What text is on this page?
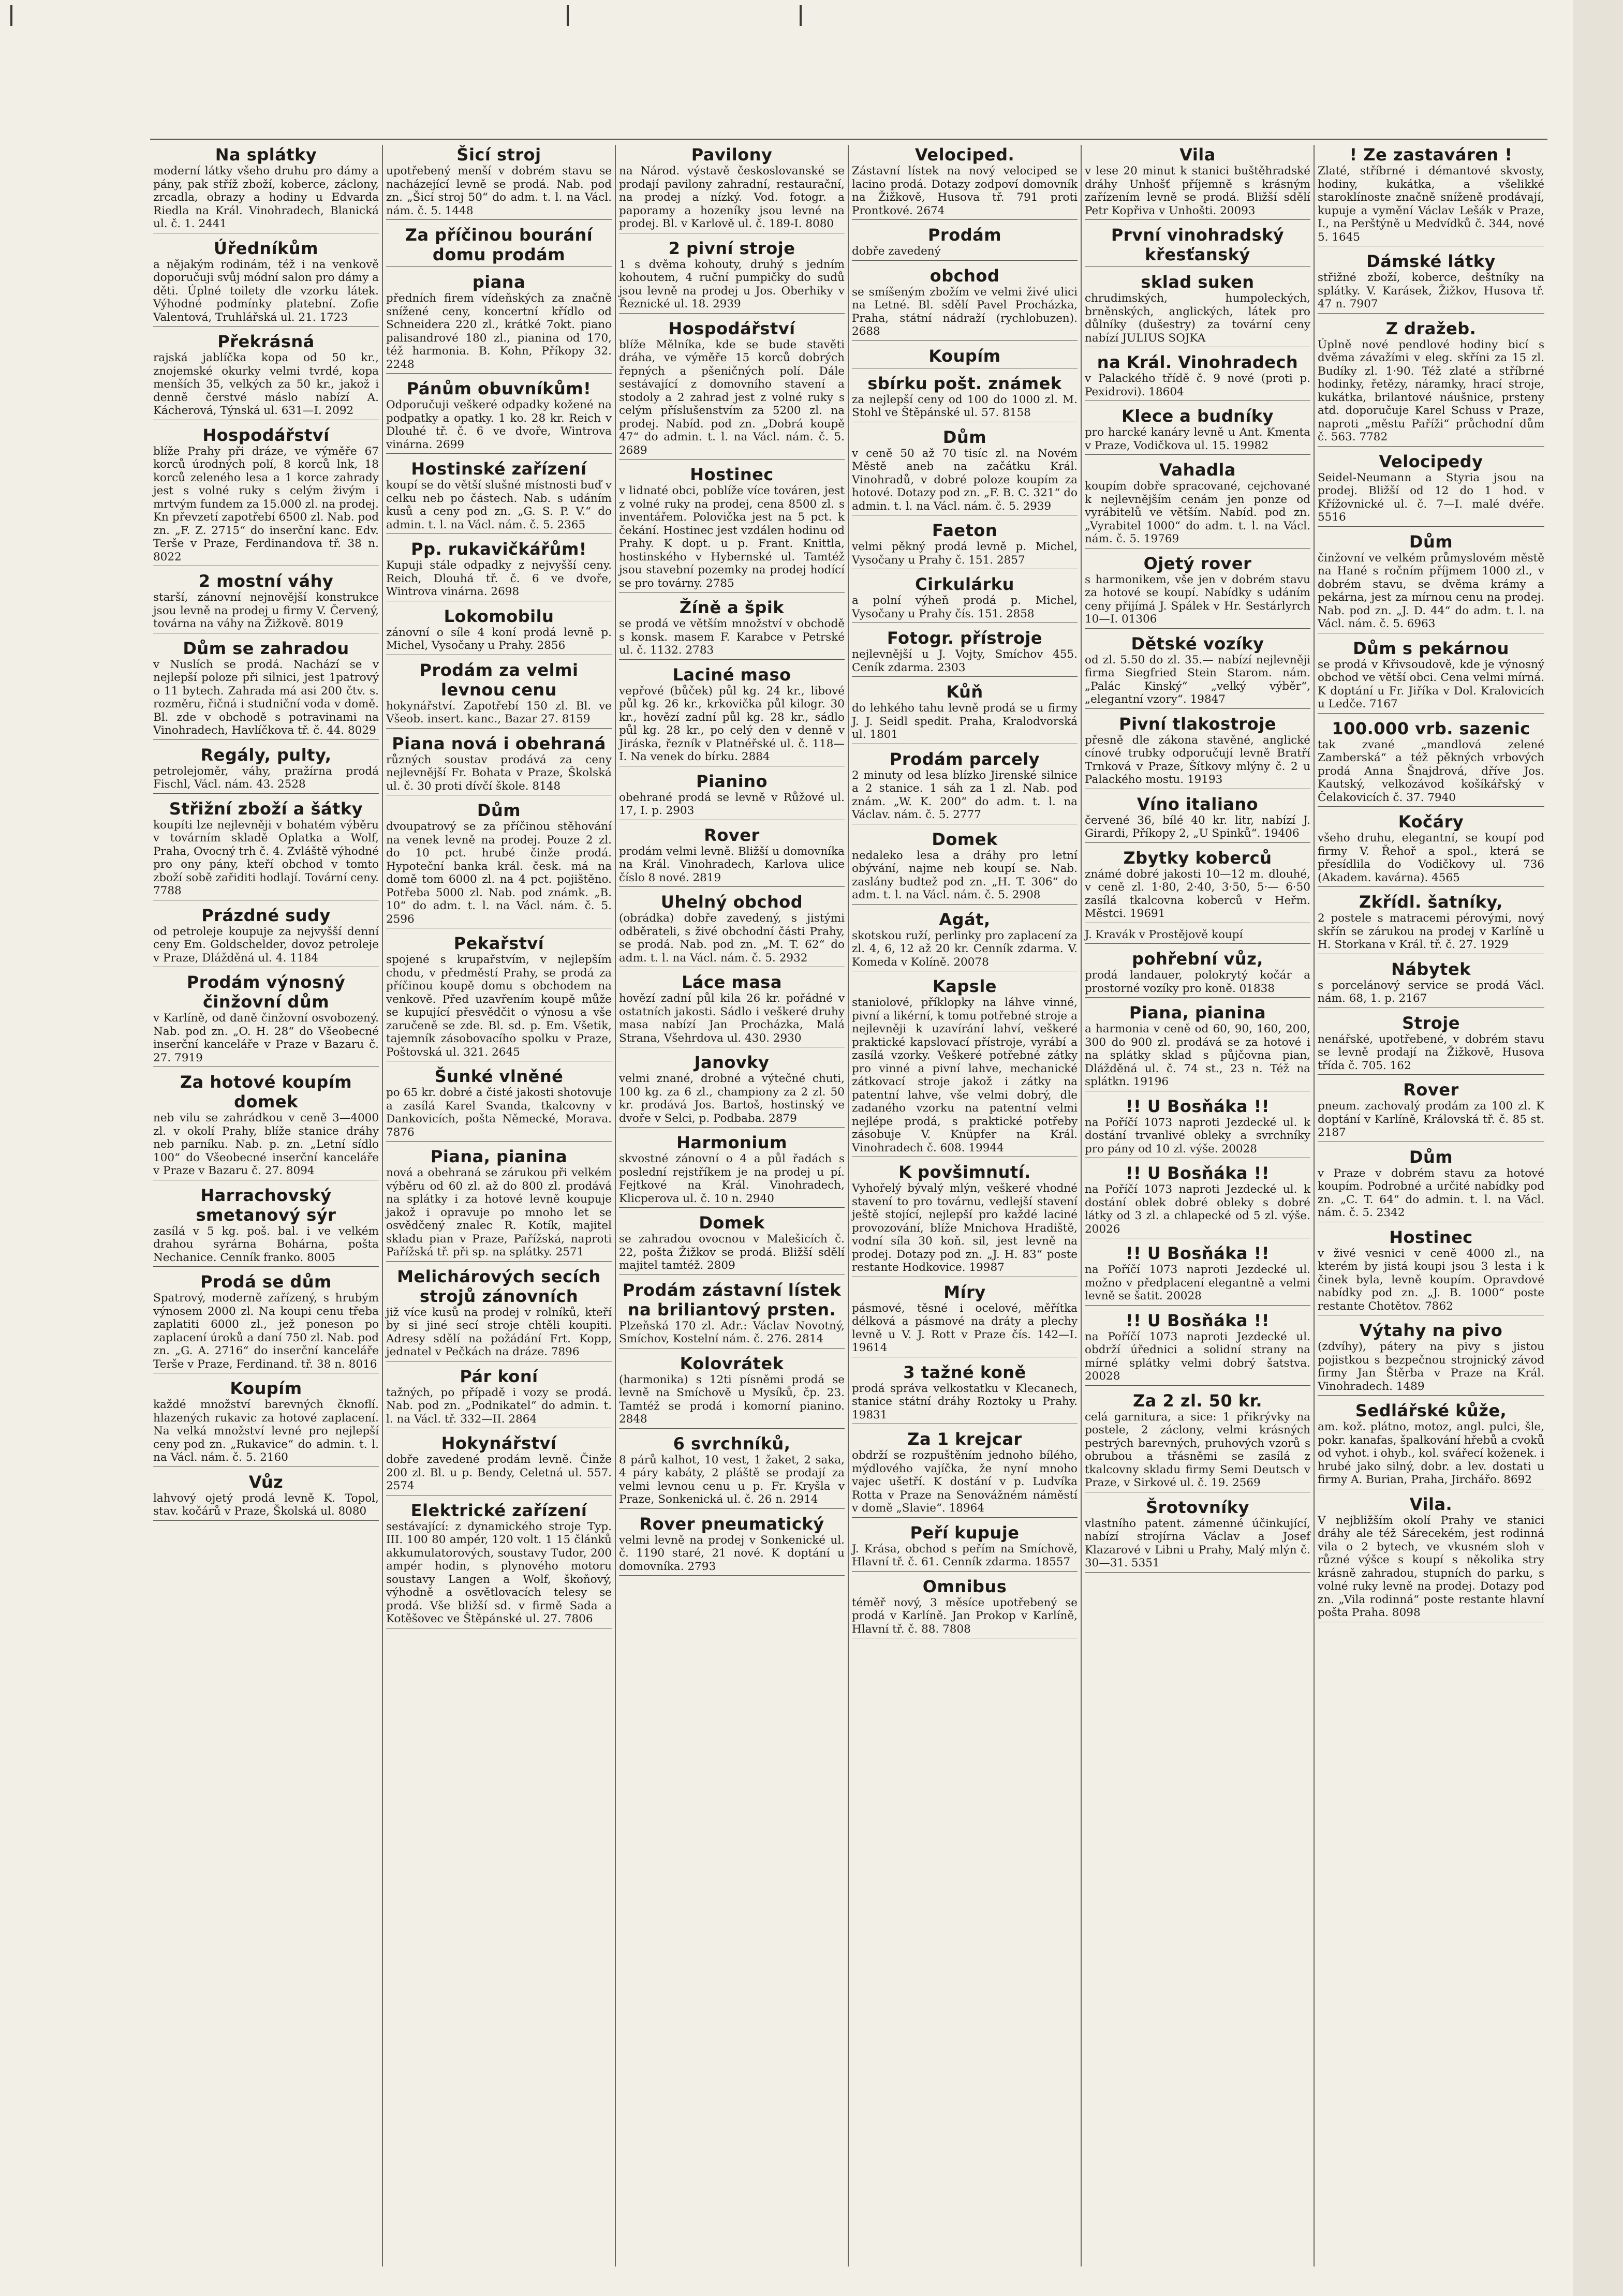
Na splátky
moderní látky všeho druhu pro dámy a pány, pak stříž zboží, koberce, záclony, zrcadla, obrazy a hodiny u Edvarda Riedla na Král. Vinohradech, Blanická ul. č. 1. 2441
Úředníkům
a nějakým rodinám, též i na venkově doporučuji svůj módní salon pro dámy a děti. Úplné toilety dle vzorku látek. Výhodné podmínky platební. Zofie Valentová, Truhlářská ul. 21. 1723
Překrásná
rajská jablíčka kopa od 50 kr., znojemské okurky velmi tvrdé, kopa menších 35, velkých za 50 kr., jakož i denně čerstvé máslo nabízí A. Kácherová, Týnská ul. 631—I. 2092
Hospodářství
blíže Prahy při dráze, ve výměře 67 korců úrodných polí, 8 korců lnk, 18 korců zeleného lesa a 1 korce zahrady jest s volné ruky s celým živým i mrtvým fundem za 15.000 zl. na prodej. Kn převzetí zapotřebí 6500 zl. Nab. pod zn. „F. Z. 2715“ do inserční kanc. Edv. Terše v Praze, Ferdinandova tř. 38 n. 8022
2 mostní váhy
starší, zánovní nejnovější konstrukce jsou levně na prodej u firmy V. Červený, továrna na váhy na Žižkově. 8019
Dům se zahradou
v Nuslích se prodá. Nachází se v nejlepší poloze při silnici, jest 1patrový o 11 bytech. Zahrada má asi 200 čtv. s. rozměru, řičná i studniční voda v domě. Bl. zde v obchodě s potravinami na Vinohradech, Havlíčkova tř. č. 44. 8029
Regály, pulty,
petrolejoměr, váhy, pražírna prodá Fischl, Václ. nám. 43. 2528
Střižní zboží a šátky
koupíti lze nejlevněji v bohatém výběru v továrním skladě Oplatka a Wolf, Praha, Ovocný trh č. 4. Zvláště výhodné pro ony pány, kteří obchod v tomto zboží sobě zařiditi hodlají. Tovární ceny. 7788
Prázdné sudy
od petroleje koupuje za nejvyšší denní ceny Em. Goldschelder, dovoz petroleje v Praze, Dlážděná ul. 4. 1184
Prodám výnosný činžovní dům
v Karlíně, od daně činžovní osvobozený. Nab. pod zn. „O. H. 28“ do Všeobecné inserční kanceláře v Praze v Bazaru č. 27. 7919
Za hotové koupím domek
neb vilu se zahrádkou v ceně 3—4000 zl. v okolí Prahy, blíže stanice dráhy neb parníku. Nab. p. zn. „Letní sídlo 100“ do Všeobecné inserční kanceláře v Praze v Bazaru č. 27. 8094
Harrachovský smetanový sýr
zasílá v 5 kg. poš. bal. i ve velkém drahou syrárna Bohárna, pošta Nechanice. Cenník franko. 8005
Prodá se dům
Spatrový, moderně zařízený, s hrubým výnosem 2000 zl. Na koupi cenu třeba zaplatiti 6000 zl., jež poneson po zaplacení úroků a daní 750 zl. Nab. pod zn. „G. A. 2716“ do inserční kanceláře Terše v Praze, Ferdinand. tř. 38 n. 8016
Koupím
každé množství barevných čknoflí. hlazených rukavic za hotové zaplacení. Na velká množství levné pro nejlepší ceny pod zn. „Rukavice“ do admin. t. l. na Václ. nám. č. 5. 2160
Vůz
lahvový ojetý prodá levně K. Topol, stav. kočárů v Praze, Školská ul. 8080
Šicí stroj
upotřebený menší v dobrém stavu se nacházející levně se prodá. Nab. pod zn. „Šicí stroj 50“ do adm. t. l. na Václ. nám. č. 5. 1448
Za příčinou bourání domu prodám
piana
předních firem vídeňských za značně snížené ceny, koncertní křídlo od Schneidera 220 zl., krátké 7okt. piano palisandrové 180 zl., pianina od 170, též harmonia. B. Kohn, Příkopy 32. 2248
Pánům obuvníkům!
Odporučuji veškeré odpadky kožené na podpatky a opatky. 1 ko. 28 kr. Reich v Dlouhé tř. č. 6 ve dvoře, Wintrova vinárna. 2699
Hostinské zařízení
koupí se do větší slušné místnosti buď v celku neb po částech. Nab. s udáním kusů a ceny pod zn. „G. S. P. V.“ do admin. t. l. na Václ. nám. č. 5. 2365
Pp. rukavičkářům!
Kupuji stále odpadky z nejvyšší ceny. Reich, Dlouhá tř. č. 6 ve dvoře, Wintrova vinárna. 2698
Lokomobilu
zánovní o síle 4 koní prodá levně p. Michel, Vysočany u Prahy. 2856
Prodám za velmi levnou cenu
hokynářství. Zapotřebí 150 zl. Bl. ve Všeob. insert. kanc., Bazar 27. 8159
Piana nová i obehraná
různých soustav prodává za ceny nejlevnější Fr. Bohata v Praze, Školská ul. č. 30 proti dívčí škole. 8148
Dům
dvoupatrový se za příčinou stěhování na venek levně na prodej. Pouze 2 zl. do 10 pct. hrubé činže prodá. Hypoteční banka král. česk. má na domě tom 6000 zl. na 4 pct. pojištěno. Potřeba 5000 zl. Nab. pod známk. „B. 10“ do adm. t. l. na Václ. nám. č. 5. 2596
Pekařství
spojené s krupařstvím, v nejlepším chodu, v předměstí Prahy, se prodá za příčinou koupě domu s obchodem na venkově. Před uzavřením koupě může se kupující přesvědčit o výnosu a vše zaručeně se zde. Bl. sd. p. Em. Všetik, tajemník zásobovacího spolku v Praze, Poštovská ul. 321. 2645
Šunké vlněné
po 65 kr. dobré a čisté jakosti shotovuje a zasílá Karel Svanda, tkalcovny v Dankovicích, pošta Německé, Morava. 7876
Piana, pianina
nová a obehraná se zárukou při velkém výběru od 60 zl. až do 800 zl. prodává na splátky i za hotové levně koupuje jakož i opravuje po mnoho let se osvědčený znalec R. Kotík, majitel skladu pian v Praze, Pařížská, naproti Pařížská tř. při sp. na splátky. 2571
Melichárových secích strojů zánovních
již více kusů na prodej v rolníků, kteří by si jiné secí stroje chtěli koupiti. Adresy sdělí na požádání Frt. Kopp, jednatel v Pečkách na dráze. 7896
Pár koní
tažných, po případě i vozy se prodá. Nab. pod zn. „Podnikatel“ do admin. t. l. na Václ. tř. 332—II. 2864
Hokynářství
dobře zavedené prodám levně. Činže 200 zl. Bl. u p. Bendy, Celetná ul. 557. 2574
Elektrické zařízení
sestávající: z dynamického stroje Typ. III. 100 80 ampér, 120 volt. 1 15 článků akkumulatorových, soustavy Tudor, 200 ampér hodin, s plynového motoru soustavy Langen a Wolf, škoňový, výhodně a osvětlovacích telesy se prodá. Vše bližší sd. v firmě Sada a Kotěšovec ve Štěpánské ul. 27. 7806
Pavilony
na Národ. výstavě českoslovanské se prodají pavilony zahradní, restaurační, na prodej a nízký. Vod. fotogr. a paporamy a hozeníky jsou levné na prodej. Bl. v Karlově ul. č. 189-I. 8080
2 pivní stroje
1 s dvěma kohouty, druhý s jedním kohoutem, 4 ruční pumpičky do sudů jsou levně na prodej u Jos. Oberhiky v Řeznické ul. 18. 2939
Hospodářství
blíže Mělníka, kde se bude stavěti dráha, ve výměře 15 korců dobrých řepných a pšeničných polí. Dále sestávající z domovního stavení a stodoly a 2 zahrad jest z volné ruky s celým příslušenstvím za 5200 zl. na prodej. Nabíd. pod zn. „Dobrá koupě 47“ do admin. t. l. na Václ. nám. č. 5. 2689
Hostinec
v lidnaté obci, poblíže více továren, jest z volné ruky na prodej, cena 8500 zl. s inventářem. Polovička jest na 5 pct. k čekání. Hostinec jest vzdálen hodinu od Prahy. K dopt. u p. Frant. Knittla, hostinského v Hybernské ul. Tamtéž jsou stavební pozemky na prodej hodící se pro továrny. 2785
Žíně a špik
se prodá ve větším množství v obchodě s konsk. masem F. Karabce v Petrské ul. č. 1132. 2783
Laciné maso
vepřové (bůček) půl kg. 24 kr., libové půl kg. 26 kr., krkovička půl kilogr. 30 kr., hovězí zadní půl kg. 28 kr., sádlo půl kg. 28 kr., po celý den v denně v Jiráska, řezník v Platnéřské ul. č. 118—I. Na venek do bírku. 2884
Pianino
obehrané prodá se levně v Růžové ul. 17, I. p. 2903
Rover
prodám velmi levně. Bližší u domovníka na Král. Vinohradech, Karlova ulice číslo 8 nové. 2819
Uhelný obchod
(obrádka) dobře zavedený, s jistými odběrateli, s živé obchodní části Prahy, se prodá. Nab. pod zn. „M. T. 62“ do adm. t. l. na Václ. nám. č. 5. 2932
Láce masa
hovězí zadní půl kila 26 kr. pořádné v ostatních jakosti. Sádlo i veškeré druhy masa nabízí Jan Procházka, Malá Strana, Všehrdova ul. 430. 2930
Janovky
velmi znané, drobné a výtečné chuti, 100 kg. za 6 zl., championy za 2 zl. 50 kr. prodává Jos. Bartoš, hostinský ve dvoře v Selci, p. Podbaba. 2879
Harmonium
skvostné zánovní o 4 a půl řadách s poslední rejstříkem je na prodej u pí. Fejtkové na Král. Vinohradech, Klicperova ul. č. 10 n. 2940
Domek
se zahradou ovocnou v Malešicích č. 22, pošta Žižkov se prodá. Bližší sdělí majitel tamtéž. 2809
Prodám zástavní lístek na briliantový prsten.
Plzeňská 170 zl. Adr.: Václav Novotný, Smíchov, Kostelní nám. č. 276. 2814
Kolovrátek
(harmonika) s 12ti písněmi prodá se levně na Smíchově u Mysíků, čp. 23. Tamtéž se prodá i komorní pianino. 2848
6 svrchníků,
8 párů kalhot, 10 vest, 1 žaket, 2 saka, 4 páry kabáty, 2 pláště se prodají za velmi levnou cenu u p. Fr. Kryšla v Praze, Sonkenická ul. č. 26 n. 2914
Rover pneumatický
velmi levně na prodej v Sonkenické ul. č. 1190 staré, 21 nové. K doptání u domovníka. 2793
Velociped.
Zástavní lístek na nový velociped se lacino prodá. Dotazy zodpoví domovník na Žižkově, Husova tř. 791 proti Prontkové. 2674
Prodám
dobře zavedený
obchod
se smíšeným zbožím ve velmi živé ulici na Letné. Bl. sdělí Pavel Procházka, Praha, státní nádraží (rychlobuzen). 2688
Koupím
sbírku pošt. známek
za nejlepší ceny od 100 do 1000 zl. M. Stohl ve Štěpánské ul. 57. 8158
Dům
v ceně 50 až 70 tisíc zl. na Novém Městě aneb na začátku Král. Vinohradů, v dobré poloze koupím za hotové. Dotazy pod zn. „F. B. C. 321“ do admin. t. l. na Václ. nám. č. 5. 2939
Faeton
velmi pěkný prodá levně p. Michel, Vysočany u Prahy č. 151. 2857
Cirkulárku
a polní výheň prodá p. Michel, Vysočany u Prahy čís. 151. 2858
Fotogr. přístroje
nejlevnější u J. Vojty, Smíchov 455. Ceník zdarma. 2303
Kůň
do lehkého tahu levně prodá se u firmy J. J. Seidl spedit. Praha, Kralodvorská ul. 1801
Prodám parcely
2 minuty od lesa blízko Jirenské silnice a 2 stanice. 1 sáh za 1 zl. Nab. pod znám. „W. K. 200“ do adm. t. l. na Václav. nám. č. 5. 2777
Domek
nedaleko lesa a dráhy pro letní obývání, najme neb koupí se. Nab. zaslány budtež pod zn. „H. T. 306“ do adm. t. l. na Václ. nám. č. 5. 2908
Agát,
skotskou ruží, perlinky pro zaplacení za zl. 4, 6, 12 až 20 kr. Cenník zdarma. V. Komeda v Kolíně. 20078
Kapsle
staniolové, příklopky na láhve vinné, pivní a likérní, k tomu potřebné stroje a nejlevněji k uzavírání lahví, veškeré praktické kapslovací přístroje, vyrábí a zasílá vzorky. Veškeré potřebné zátky pro vinné a pivní lahve, mechanické zátkovací stroje jakož i zátky na patentní lahve, vše velmi dobrý, dle zadaného vzorku na patentní velmi nejlépe prodá, s praktické potřeby zásobuje V. Knüpfer na Král. Vinohradech č. 608. 19944
K povšimnutí.
Vyhořelý bývalý mlýn, veškeré vhodné stavení to pro továrnu, vedlejší stavení ještě stojící, nejlepší pro každé laciné provozování, blíže Mnichova Hradiště, vodní síla 30 koň. sil, jest levně na prodej. Dotazy pod zn. „J. H. 83“ poste restante Hodkovice. 19987
Míry
pásmové, těsné i ocelové, měřítka délková a pásmové na dráty a plechy levně u V. J. Rott v Praze čís. 142—I. 19614
3 tažné koně
prodá správa velkostatku v Klecanech, stanice státní dráhy Roztoky u Prahy. 19831
Za 1 krejcar
obdrží se rozpuštěním jednoho bílého, mýdlového vajíčka, že nyní mnoho vajec ušetří. K dostání v p. Ludvíka Rotta v Praze na Senovážném náměstí v domě „Slavie“. 18964
Peří kupuje
J. Krása, obchod s peřím na Smíchově, Hlavní tř. č. 61. Cenník zdarma. 18557
Omnibus
téměř nový, 3 měsíce upotřebený se prodá v Karlíně. Jan Prokop v Karlíně, Hlavní tř. č. 88. 7808
Vila
v lese 20 minut k stanici buštěhradské dráhy Unhošť příjemně s krásným zařízením levně se prodá. Bližší sdělí Petr Kopřiva v Unhošti. 20093
První vinohradský křesťanský
sklad suken
chrudimských, humpoleckých, brněnských, anglických, látek pro důlníky (dušestry) za tovární ceny nabízí JULIUS SOJKA
na Král. Vinohradech
v Palackého třídě č. 9 nové (proti p. Pexidrovi). 18604
Klece a budníky
pro harcké kanáry levně u Ant. Kmenta v Praze, Vodičkova ul. 15. 19982
Vahadla
koupím dobře spracované, cejchované k nejlevnějším cenám jen ponze od vyrábitelů ve větším. Nabíd. pod zn. „Vyrabitel 1000“ do adm. t. l. na Václ. nám. č. 5. 19769
Ojetý rover
s harmonikem, vše jen v dobrém stavu za hotové se koupí. Nabídky s udáním ceny přijímá J. Spálek v Hr. Sestárlyrch 10—I. 01306
Dětské vozíky
od zl. 5.50 do zl. 35.— nabízí nejlevněji firma Siegfried Stein Starom. nám. „Palác Kinský“ „velký výběr“, „elegantní vzory“. 19847
Pivní tlakostroje
přesně dle zákona stavěné, anglické cínové trubky odporučují levně Bratří Trnková v Praze, Šítkovy mlýny č. 2 u Palackého mostu. 19193
Víno italiano
červené 36, bílé 40 kr. litr, nabízí J. Girardi, Příkopy 2, „U Spinků“. 19406
Zbytky koberců
známé dobré jakosti 10—12 m. dlouhé, v ceně zl. 1·80, 2·40, 3·50, 5·— 6·50 zasílá tkalcovna koberců v Heřm. Městci. 19691
J. Kravák v Prostějově koupí
pohřební vůz,
prodá landauer, polokrytý kočár a prostorné vozíky pro koně. 01838
Piana, pianina
a harmonia v ceně od 60, 90, 160, 200, 300 do 900 zl. prodává se za hotové i na splátky sklad s půjčovna pian, Dlážděná ul. č. 74 st., 23 n. Též na splátkn. 19196
!! U Bosňáka !!
na Poříčí 1073 naproti Jezdecké ul. k dostání trvanlivé obleky a svrchníky pro pány od 10 zl. výše. 20028
!! U Bosňáka !!
na Poříčí 1073 naproti Jezdecké ul. k dostání oblek dobré obleky s dobré látky od 3 zl. a chlapecké od 5 zl. výše. 20026
!! U Bosňáka !!
na Poříčí 1073 naproti Jezdecké ul. možno v předplacení elegantně a velmi levně se šatit. 20028
!! U Bosňáka !!
na Poříčí 1073 naproti Jezdecké ul. obdrží úřednici a solidní strany na mírné splátky velmi dobrý šatstva. 20028
Za 2 zl. 50 kr.
celá garnitura, a sice: 1 přikrývky na postele, 2 záclony, velmi krásných pestrých barevných, pruhových vzorů s obrubou a třásněmi se zasílá z tkalcovny skladu firmy Semi Deutsch v Praze, v Sirkové ul. č. 19. 2569
Šrotovníky
vlastního patent. zámenné účinkující, nabízí strojírna Václav a Josef Klazarové v Libni u Prahy, Malý mlýn č. 30—31. 5351
! Ze zastaváren !
Zlaté, stříbrné i démantové skvosty, hodiny, kukátka, a všelikké staroklínoste značně sníženě prodávají, kupuje a vymění Václav Lešák v Praze, I., na Perštýně u Medvídků č. 344, nové 5. 1645
Dámské látky
střižné zboží, koberce, deštníky na splátky. V. Karásek, Žižkov, Husova tř. 47 n. 7907
Z dražeb.
Úplně nové pendlové hodiny bicí s dvěma závažími v eleg. skříni za 15 zl. Budíky zl. 1·90. Též zlaté a stříbrné hodinky, řetězy, náramky, hrací stroje, kukátka, brilantové náušnice, prsteny atd. doporučuje Karel Schuss v Praze, naproti „městu Paříži“ průchodní dům č. 563. 7782
Velocipedy
Seidel-Neumann a Styria jsou na prodej. Bližší od 12 do 1 hod. v Křížovnické ul. č. 7—I. malé dvéře. 5516
Dům
činžovní ve velkém průmyslovém městě na Hané s ročním příjmem 1000 zl., v dobrém stavu, se dvěma krámy a pekárna, jest za mírnou cenu na prodej. Nab. pod zn. „J. D. 44“ do adm. t. l. na Václ. nám. č. 5. 6963
Dům s pekárnou
se prodá v Křivsoudově, kde je výnosný obchod ve větší obci. Cena velmi mírná. K doptání u Fr. Jiříka v Dol. Kralovicích u Ledče. 7167
100.000 vrb. sazenic
tak zvané „mandlová zelené Zamberská“ a též pěkných vrbových prodá Anna Šnajdrová, dříve Jos. Kautský, velkozávod košíkářský v Čelakovicích č. 37. 7940
Kočáry
všeho druhu, elegantní, se koupí pod firmy V. Řehoř a spol., která se přesídlila do Vodičkovy ul. 736 (Akadem. kavárna). 4565
Zkřídl. šatníky,
2 postele s matracemi pérovými, nový skřín se zárukou na prodej v Karlíně u H. Storkana v Král. tř. č. 27. 1929
Nábytek
s porcelánový service se prodá Václ. nám. 68, 1. p. 2167
Stroje
nenářské, upotřebené, v dobrém stavu se levně prodají na Žižkově, Husova třída č. 705. 162
Rover
pneum. zachovalý prodám za 100 zl. K doptání v Karlíně, Královská tř. č. 85 st. 2187
Dům
v Praze v dobrém stavu za hotové koupím. Podrobné a určité nabídky pod zn. „C. T. 64“ do admin. t. l. na Václ. nám. č. 5. 2342
Hostinec
v živé vesnici v ceně 4000 zl., na kterém by jistá koupi jsou 3 lesta i k činek byla, levně koupím. Opravdové nabídky pod zn. „J. B. 1000“ poste restante Chotětov. 7862
Výtahy na pivo
(zdvíhy), pátery na pivy s jistou pojistkou s bezpečnou strojnický závod firmy Jan Štěrba v Praze na Král. Vinohradech. 1489
Sedlářské kůže,
am. kož. plátno, motoz, angl. pulci, šle, pokr. kanafas, špalkování hřebů a cvoků od vyhot. i ohyb., kol. svářecí koženek. i hrubé jako silný, dobr. a lev. dostati u firmy A. Burian, Praha, Jirchářo. 8692
Vila.
V nejbližším okolí Prahy ve stanici dráhy ale též Sárecekém, jest rodinná vila o 2 bytech, ve vkusném sloh v různé výšce s koupí s několika stry krásně zahradou, stupních do parku, s volné ruky levně na prodej. Dotazy pod zn. „Vila rodinná“ poste restante hlavní pošta Praha. 8098
